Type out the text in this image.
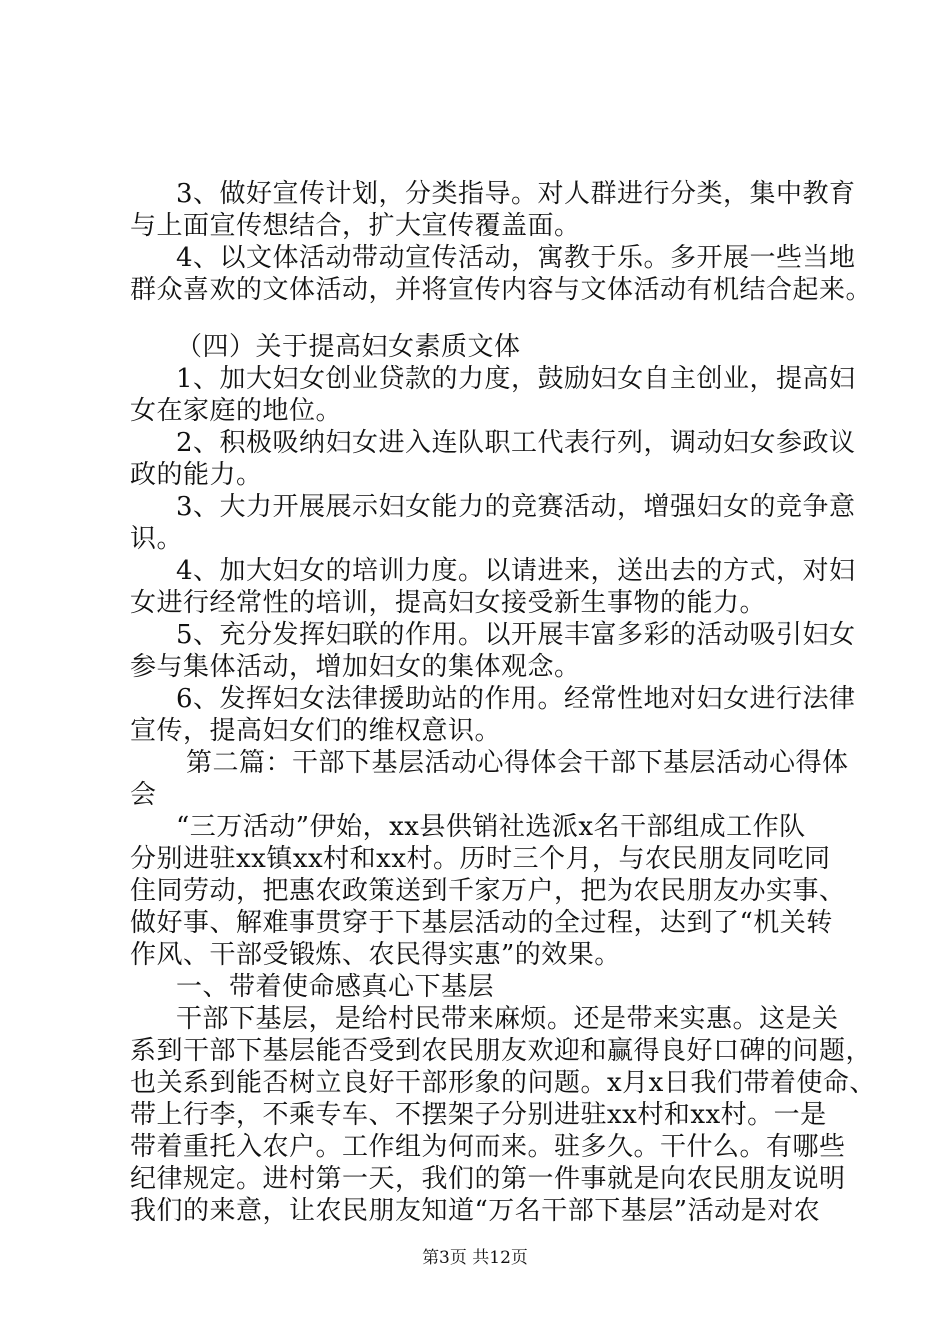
3、做好宣传计划，分类指导。对人群进行分类，集中教育
与上面宣传想结合，扩大宣传覆盖面。
4、以文体活动带动宣传活动，寓教于乐。多开展一些当地
群众喜欢的文体活动，并将宣传内容与文体活动有机结合起来。
（四）关于提高妇女素质文体
1、加大妇女创业贷款的力度，鼓励妇女自主创业，提高妇
女在家庭的地位。
2、积极吸纳妇女进入连队职工代表行列，调动妇女参政议
政的能力。
3、大力开展展示妇女能力的竞赛活动，增强妇女的竞争意
识。
4、加大妇女的培训力度。以请进来，送出去的方式，对妇
女进行经常性的培训，提高妇女接受新生事物的能力。
5、充分发挥妇联的作用。以开展丰富多彩的活动吸引妇女
参与集体活动，增加妇女的集体观念。
6、发挥妇女法律援助站的作用。经常性地对妇女进行法律
宣传，提高妇女们的维权意识。
第二篇：干部下基层活动心得体会干部下基层活动心得体
会
“三万活动”伊始，xx县供销社选派x名干部组成工作队
分别进驻xx镇xx村和xx村。历时三个月，与农民朋友同吃同
住同劳动，把惠农政策送到千家万户，把为农民朋友办实事、
做好事、解难事贯穿于下基层活动的全过程，达到了“机关转
作风、干部受锻炼、农民得实惠”的效果。
一、带着使命感真心下基层
干部下基层，是给村民带来麻烦。还是带来实惠。这是关
系到干部下基层能否受到农民朋友欢迎和赢得良好口碑的问题，
也关系到能否树立良好干部形象的问题。x月x日我们带着使命、
带上行李，不乘专车、不摆架子分别进驻xx村和xx村。一是
带着重托入农户。工作组为何而来。驻多久。干什么。有哪些
纪律规定。进村第一天，我们的第一件事就是向农民朋友说明
我们的来意，让农民朋友知道“万名干部下基层”活动是对农
第3页 共12页
